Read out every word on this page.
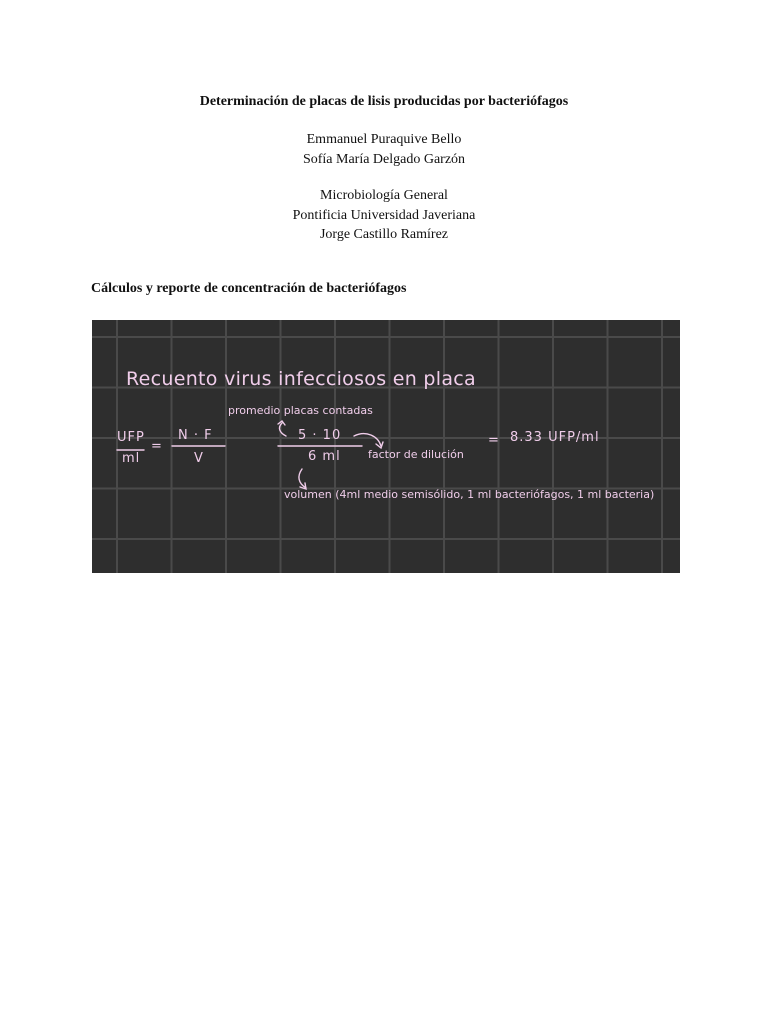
Determinación de placas de lisis producidas por bacteriófagos
Emmanuel Puraquive Bello
Sofía María Delgado Garzón
Microbiología General
Pontificia Universidad Javeriana
Jorge Castillo Ramírez
Cálculos y reporte de concentración de bacteriófagos
Recuento virus infecciosos en placa
promedio placas contadas
UFP
ml
=
N · F
V
5 · 10
6 ml factor de dilución
= 8.33 UFP/ml
volumen (4ml medio semisólido, 1 ml bacteriófagos, 1 ml bacteria)
